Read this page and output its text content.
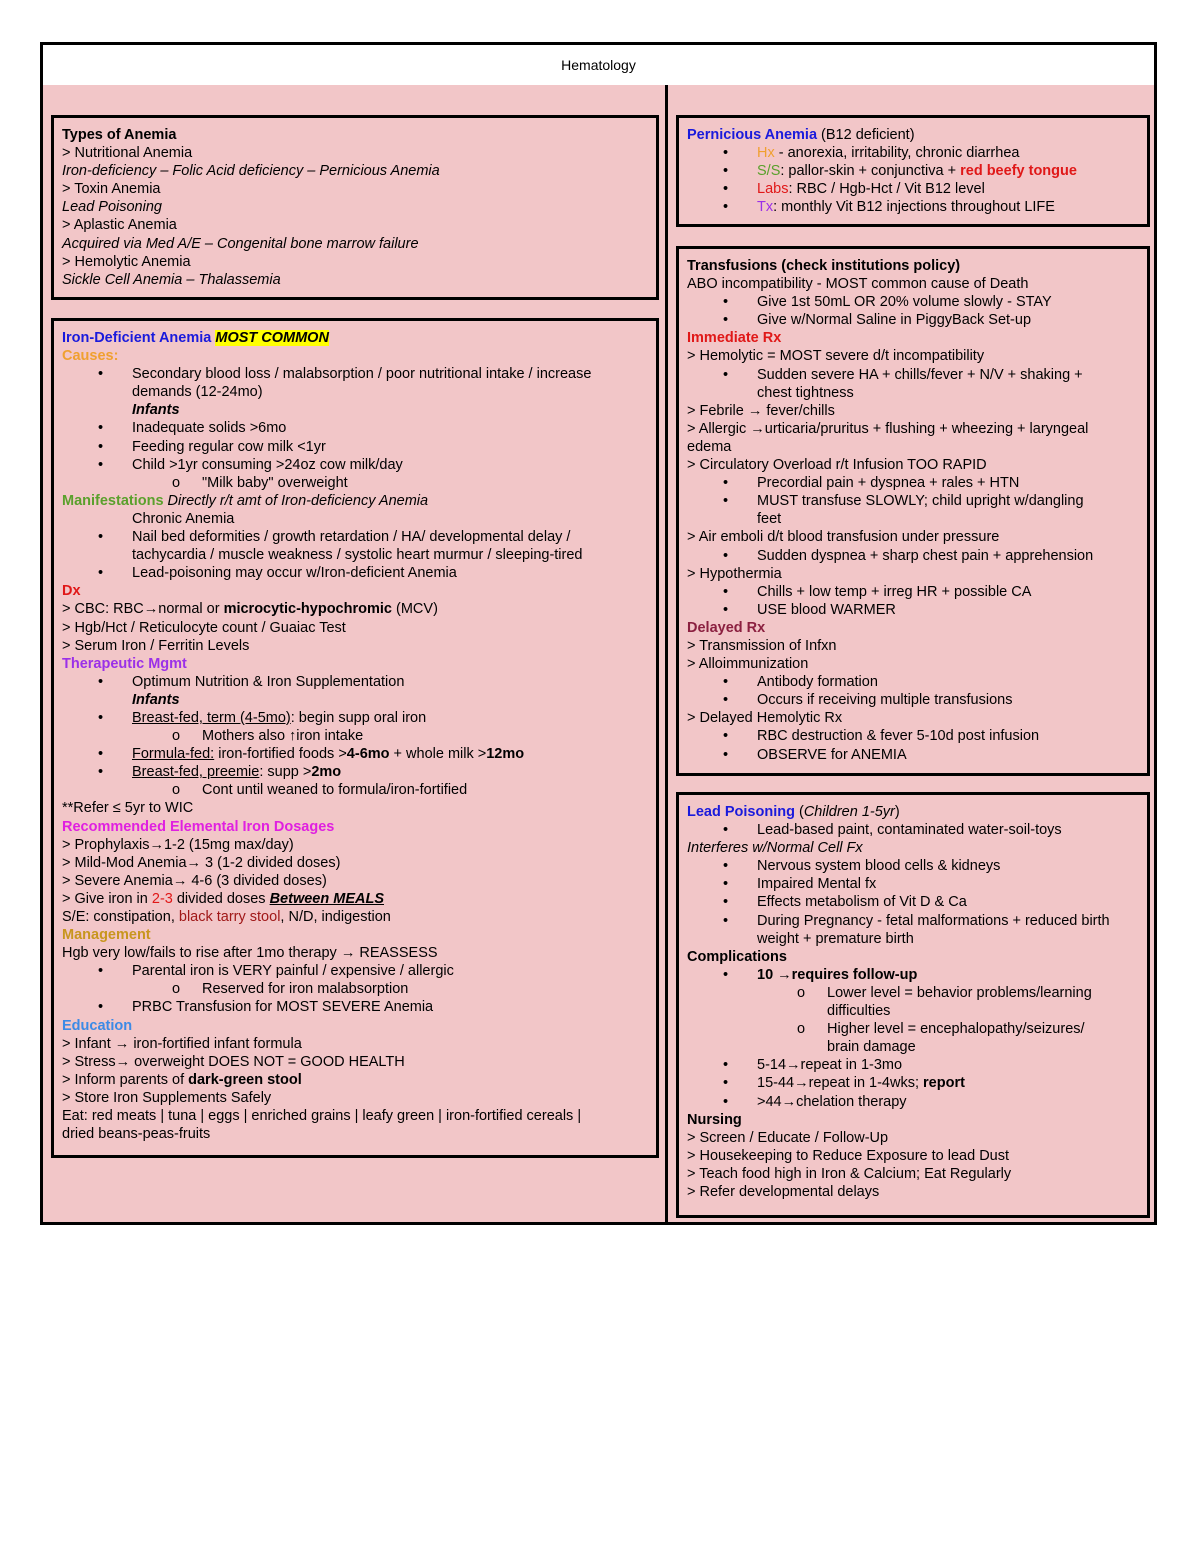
Hematology
Types of Anemia
> Nutritional Anemia
Iron-deficiency – Folic Acid deficiency – Pernicious Anemia
> Toxin Anemia
Lead Poisoning
> Aplastic Anemia
Acquired via Med A/E – Congenital bone marrow failure
> Hemolytic Anemia
Sickle Cell Anemia – Thalassemia
Iron-Deficient Anemia MOST COMMON
Causes:
• Secondary blood loss / malabsorption / poor nutritional intake / increase
demands (12-24mo)
Infants
• Inadequate solids >6mo
• Feeding regular cow milk <1yr
• Child >1yr consuming >24oz cow milk/day
o "Milk baby" overweight
Manifestations Directly r/t amt of Iron-deficiency Anemia
Chronic Anemia
• Nail bed deformities / growth retardation / HA/ developmental delay /
tachycardia / muscle weakness / systolic heart murmur / sleeping-tired
• Lead-poisoning may occur w/Iron-deficient Anemia
Dx
> CBC: RBC→normal or microcytic-hypochromic (MCV)
> Hgb/Hct / Reticulocyte count / Guaiac Test
> Serum Iron / Ferritin Levels
Therapeutic Mgmt
• Optimum Nutrition & Iron Supplementation
Infants
• Breast-fed, term (4-5mo): begin supp oral iron
o Mothers also ↑iron intake
• Formula-fed: iron-fortified foods >4-6mo + whole milk >12mo
• Breast-fed, preemie: supp >2mo
o Cont until weaned to formula/iron-fortified
**Refer ≤ 5yr to WIC
Recommended Elemental Iron Dosages
> Prophylaxis→1-2 (15mg max/day)
> Mild-Mod Anemia→ 3 (1-2 divided doses)
> Severe Anemia→ 4-6 (3 divided doses)
> Give iron in 2-3 divided doses Between MEALS
S/E: constipation, black tarry stool, N/D, indigestion
Management
Hgb very low/fails to rise after 1mo therapy → REASSESS
• Parental iron is VERY painful / expensive / allergic
o Reserved for iron malabsorption
• PRBC Transfusion for MOST SEVERE Anemia
Education
> Infant → iron-fortified infant formula
> Stress→ overweight DOES NOT = GOOD HEALTH
> Inform parents of dark-green stool
> Store Iron Supplements Safely
Eat: red meats | tuna | eggs | enriched grains | leafy green | iron-fortified cereals |
dried beans-peas-fruits
Pernicious Anemia (B12 deficient)
• Hx - anorexia, irritability, chronic diarrhea
• S/S: pallor-skin + conjunctiva + red beefy tongue
• Labs: RBC / Hgb-Hct / Vit B12 level
• Tx: monthly Vit B12 injections throughout LIFE
Transfusions (check institutions policy)
ABO incompatibility - MOST common cause of Death
• Give 1st 50mL OR 20% volume slowly - STAY
• Give w/Normal Saline in PiggyBack Set-up
Immediate Rx
> Hemolytic = MOST severe d/t incompatibility
• Sudden severe HA + chills/fever + N/V + shaking +
chest tightness
> Febrile → fever/chills
> Allergic →urticaria/pruritus + flushing + wheezing + laryngeal
edema
> Circulatory Overload r/t Infusion TOO RAPID
• Precordial pain + dyspnea + rales + HTN
• MUST transfuse SLOWLY; child upright w/dangling
feet
> Air emboli d/t blood transfusion under pressure
• Sudden dyspnea + sharp chest pain + apprehension
> Hypothermia
• Chills + low temp + irreg HR + possible CA
• USE blood WARMER
Delayed Rx
> Transmission of Infxn
> Alloimmunization
• Antibody formation
• Occurs if receiving multiple transfusions
> Delayed Hemolytic Rx
• RBC destruction & fever 5-10d post infusion
• OBSERVE for ANEMIA
Lead Poisoning (Children 1-5yr)
• Lead-based paint, contaminated water-soil-toys
Interferes w/Normal Cell Fx
• Nervous system blood cells & kidneys
• Impaired Mental fx
• Effects metabolism of Vit D & Ca
• During Pregnancy - fetal malformations + reduced birth
weight + premature birth
Complications
• 10 →requires follow-up
o Lower level = behavior problems/learning
difficulties
o Higher level = encephalopathy/seizures/
brain damage
• 5-14→repeat in 1-3mo
• 15-44→repeat in 1-4wks; report
• >44→chelation therapy
Nursing
> Screen / Educate / Follow-Up
> Housekeeping to Reduce Exposure to lead Dust
> Teach food high in Iron & Calcium; Eat Regularly
> Refer developmental delays
